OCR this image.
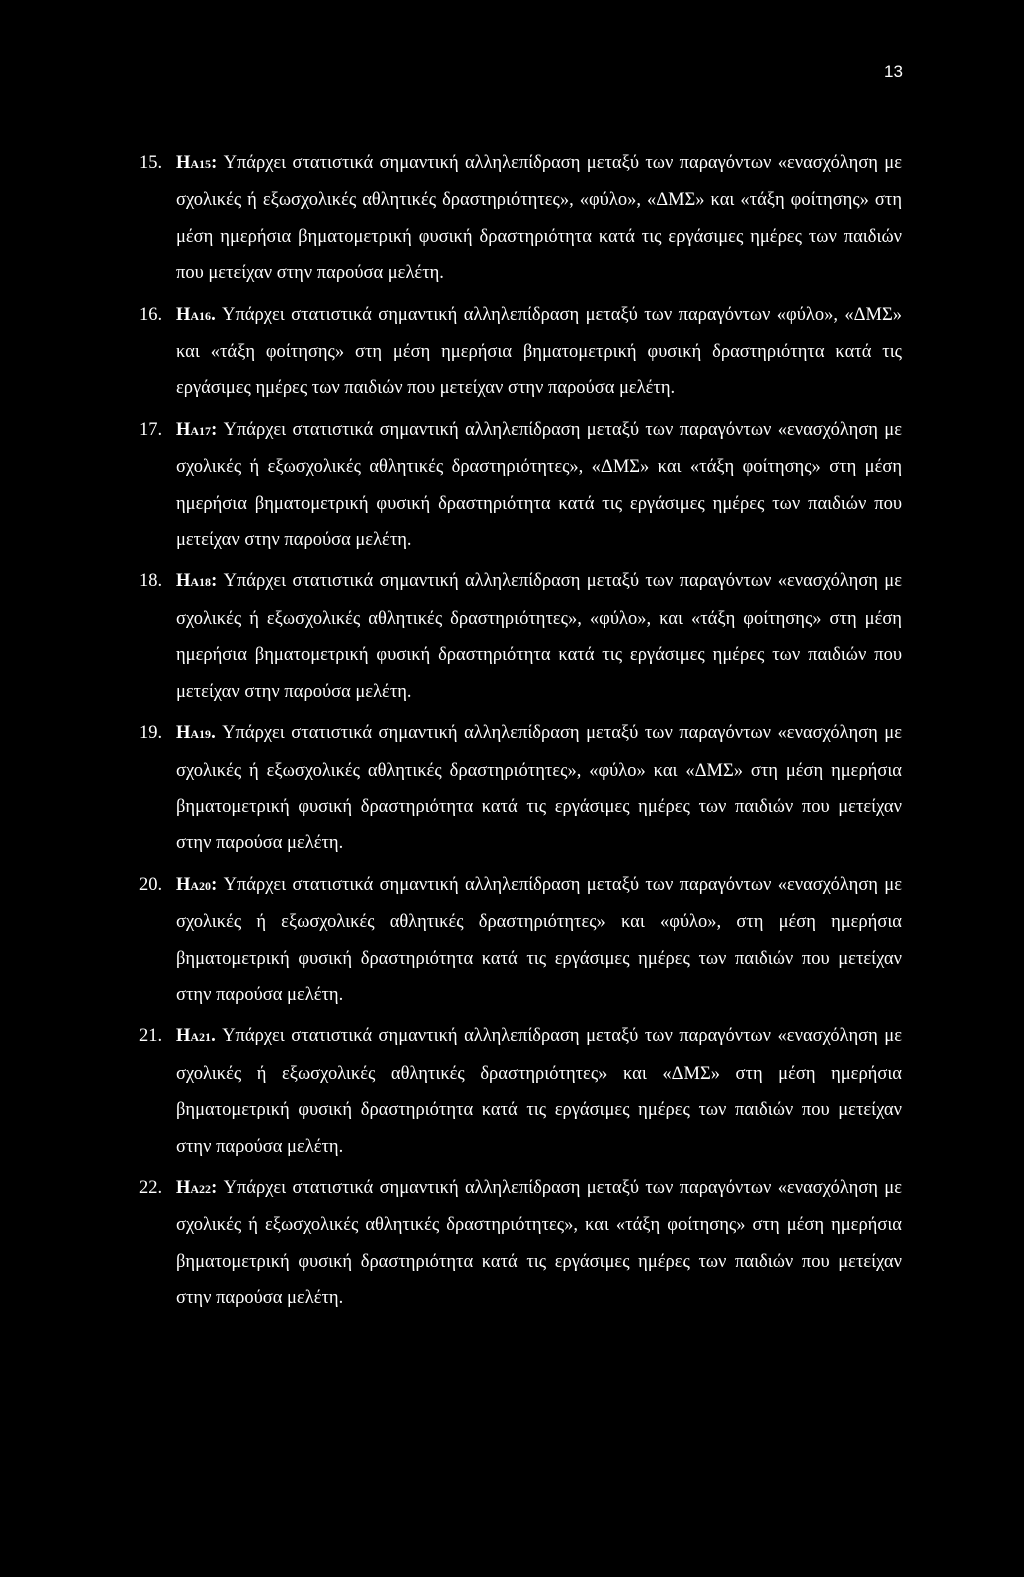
13

15. HA15: Υπάρχει στατιστικά σημαντική αλληλεπίδραση μεταξύ των παραγόντων «ενασχόληση με σχολικές ή εξωσχολικές αθλητικές δραστηριότητες», «φύλο», «ΔΜΣ» και «τάξη φοίτησης» στη μέση ημερήσια βηματομετρική φυσική δραστηριότητα κατά τις εργάσιμες ημέρες των παιδιών που μετείχαν στην παρούσα μελέτη.

16. HA16. Υπάρχει στατιστικά σημαντική αλληλεπίδραση μεταξύ των παραγόντων «φύλο», «ΔΜΣ» και «τάξη φοίτησης» στη μέση ημερήσια βηματομετρική φυσική δραστηριότητα κατά τις εργάσιμες ημέρες των παιδιών που μετείχαν στην παρούσα μελέτη.

17. HA17: Υπάρχει στατιστικά σημαντική αλληλεπίδραση μεταξύ των παραγόντων «ενασχόληση με σχολικές ή εξωσχολικές αθλητικές δραστηριότητες», «ΔΜΣ» και «τάξη φοίτησης» στη μέση ημερήσια βηματομετρική φυσική δραστηριότητα κατά τις εργάσιμες ημέρες των παιδιών που μετείχαν στην παρούσα μελέτη.

18. HA18: Υπάρχει στατιστικά σημαντική αλληλεπίδραση μεταξύ των παραγόντων «ενασχόληση με σχολικές ή εξωσχολικές αθλητικές δραστηριότητες», «φύλο», και «τάξη φοίτησης» στη μέση ημερήσια βηματομετρική φυσική δραστηριότητα κατά τις εργάσιμες ημέρες των παιδιών που μετείχαν στην παρούσα μελέτη.

19. HA19. Υπάρχει στατιστικά σημαντική αλληλεπίδραση μεταξύ των παραγόντων «ενασχόληση με σχολικές ή εξωσχολικές αθλητικές δραστηριότητες», «φύλο» και «ΔΜΣ» στη μέση ημερήσια βηματομετρική φυσική δραστηριότητα κατά τις εργάσιμες ημέρες των παιδιών που μετείχαν στην παρούσα μελέτη.

20. HA20: Υπάρχει στατιστικά σημαντική αλληλεπίδραση μεταξύ των παραγόντων «ενασχόληση με σχολικές ή εξωσχολικές αθλητικές δραστηριότητες» και «φύλο», στη μέση ημερήσια βηματομετρική φυσική δραστηριότητα κατά τις εργάσιμες ημέρες των παιδιών που μετείχαν στην παρούσα μελέτη.

21. HA21. Υπάρχει στατιστικά σημαντική αλληλεπίδραση μεταξύ των παραγόντων «ενασχόληση με σχολικές ή εξωσχολικές αθλητικές δραστηριότητες» και «ΔΜΣ» στη μέση ημερήσια βηματομετρική φυσική δραστηριότητα κατά τις εργάσιμες ημέρες των παιδιών που μετείχαν στην παρούσα μελέτη.

22. HA22: Υπάρχει στατιστικά σημαντική αλληλεπίδραση μεταξύ των παραγόντων «ενασχόληση με σχολικές ή εξωσχολικές αθλητικές δραστηριότητες», και «τάξη φοίτησης» στη μέση ημερήσια βηματομετρική φυσική δραστηριότητα κατά τις εργάσιμες ημέρες των παιδιών που μετείχαν στην παρούσα μελέτη.
